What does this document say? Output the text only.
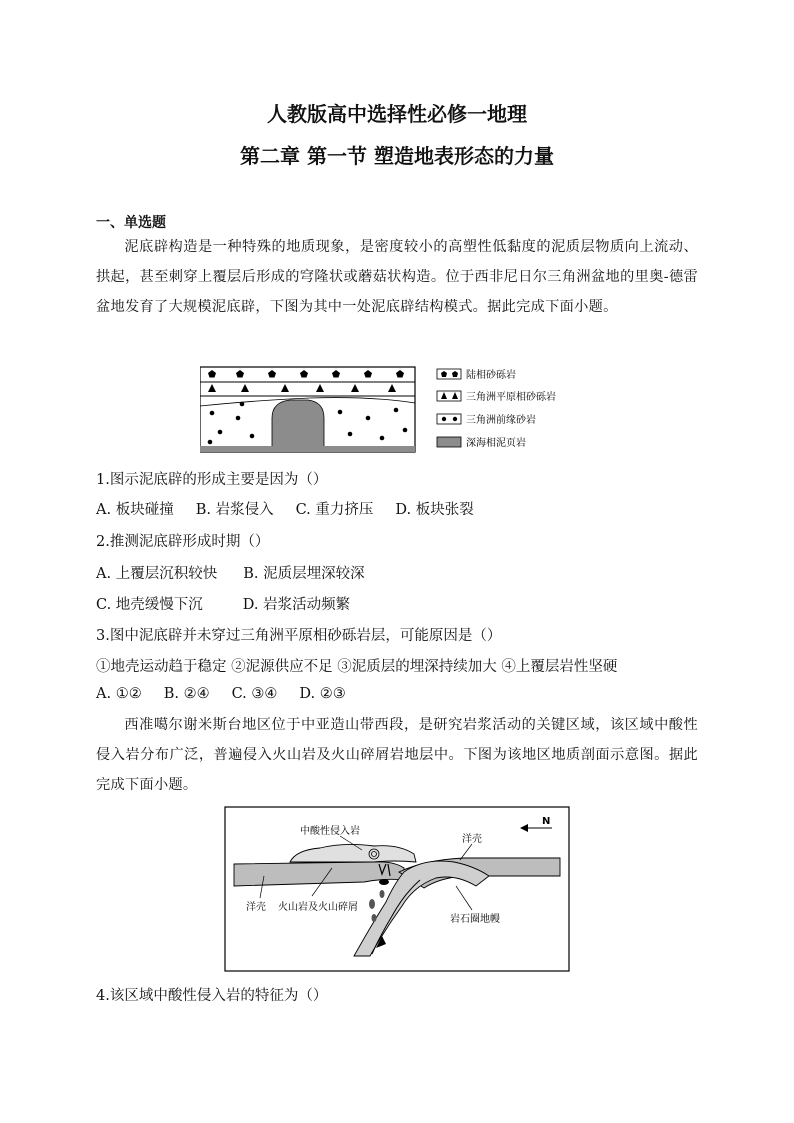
人教版高中选择性必修一地理
第二章 第一节 塑造地表形态的力量
一、单选题
泥底辟构造是一种特殊的地质现象，是密度较小的高塑性低黏度的泥质层物质向上流动、拱起，甚至刺穿上覆层后形成的穹隆状或蘑菇状构造。位于西非尼日尔三角洲盆地的里奥-德雷盆地发育了大规模泥底辟，下图为其中一处泥底辟结构模式。据此完成下面小题。
陆相砂砾岩
三角洲平原相砂砾岩
三角洲前缘砂岩
深海相泥页岩
1.图示泥底辟的形成主要是因为（）
A. 板块碰撞 B. 岩浆侵入 C. 重力挤压 D. 板块张裂
2.推测泥底辟形成时期（）
A. 上覆层沉积较快 B. 泥质层埋深较深
C. 地壳缓慢下沉	D. 岩浆活动频繁
3.图中泥底辟并未穿过三角洲平原相砂砾岩层，可能原因是（）
①地壳运动趋于稳定 ②泥源供应不足 ③泥质层的埋深持续加大 ④上覆层岩性坚硬
A. ①② B. ②④ C. ③④ D. ②③
西准噶尔谢米斯台地区位于中亚造山带西段，是研究岩浆活动的关键区域，该区域中酸性侵入岩分布广泛，普遍侵入火山岩及火山碎屑岩地层中。下图为该地区地质剖面示意图。据此完成下面小题。
N
中酸性侵入岩
洋壳
洋壳 火山岩及火山碎屑
岩石圈地幔
4.该区域中酸性侵入岩的特征为（）
